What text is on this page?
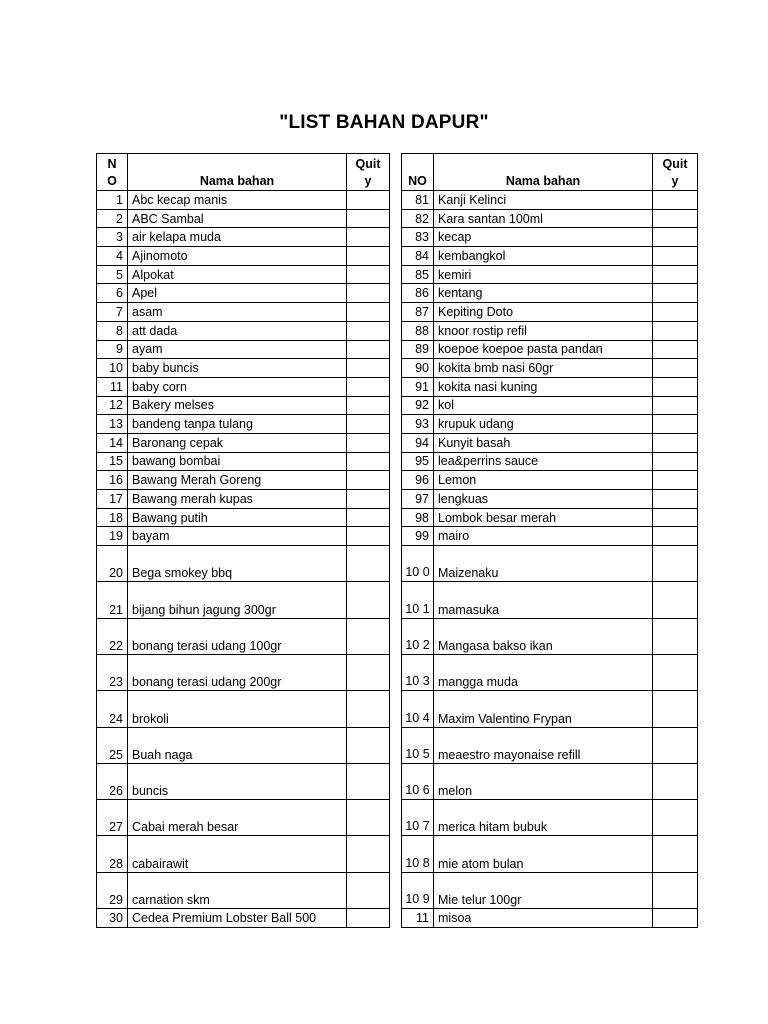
"LIST BAHAN DAPUR"
N O	Nama bahan	Quit y
1	Abc kecap manis	
2	ABC Sambal	
3	air kelapa muda	
4	Ajinomoto	
5	Alpokat	
6	Apel	
7	asam	
8	att dada	
9	ayam	
10	baby buncis	
11	baby corn	
12	Bakery melses	
13	bandeng tanpa tulang	
14	Baronang cepak	
15	bawang bombai	
16	Bawang Merah Goreng	
17	Bawang merah kupas	
18	Bawang putih	
19	bayam	
20	Bega smokey bbq	
21	bijang bihun jagung 300gr	
22	bonang terasi udang 100gr	
23	bonang terasi udang 200gr	
24	brokoli	
25	Buah naga	
26	buncis	
27	Cabai merah besar	
28	cabairawit	
29	carnation skm	
30	Cedea Premium Lobster Ball 500	
NO	Nama bahan	Quit y
81	Kanji Kelinci	
82	Kara santan 100ml	
83	kecap	
84	kembangkol	
85	kemiri	
86	kentang	
87	Kepiting Doto	
88	knoor rostip refil	
89	koepoe koepoe pasta pandan	
90	kokita bmb nasi 60gr	
91	kokita nasi kuning	
92	kol	
93	krupuk udang	
94	Kunyit basah	
95	lea&perrins sauce	
96	Lemon	
97	lengkuas	
98	Lombok besar merah	
99	mairo	
10 0	Maizenaku	
10 1	mamasuka	
10 2	Mangasa bakso ikan	
10 3	mangga muda	
10 4	Maxim Valentino Frypan	
10 5	meaestro mayonaise refill	
10 6	melon	
10 7	merica hitam bubuk	
10 8	mie atom bulan	
10 9	Mie telur 100gr	
11	misoa	
